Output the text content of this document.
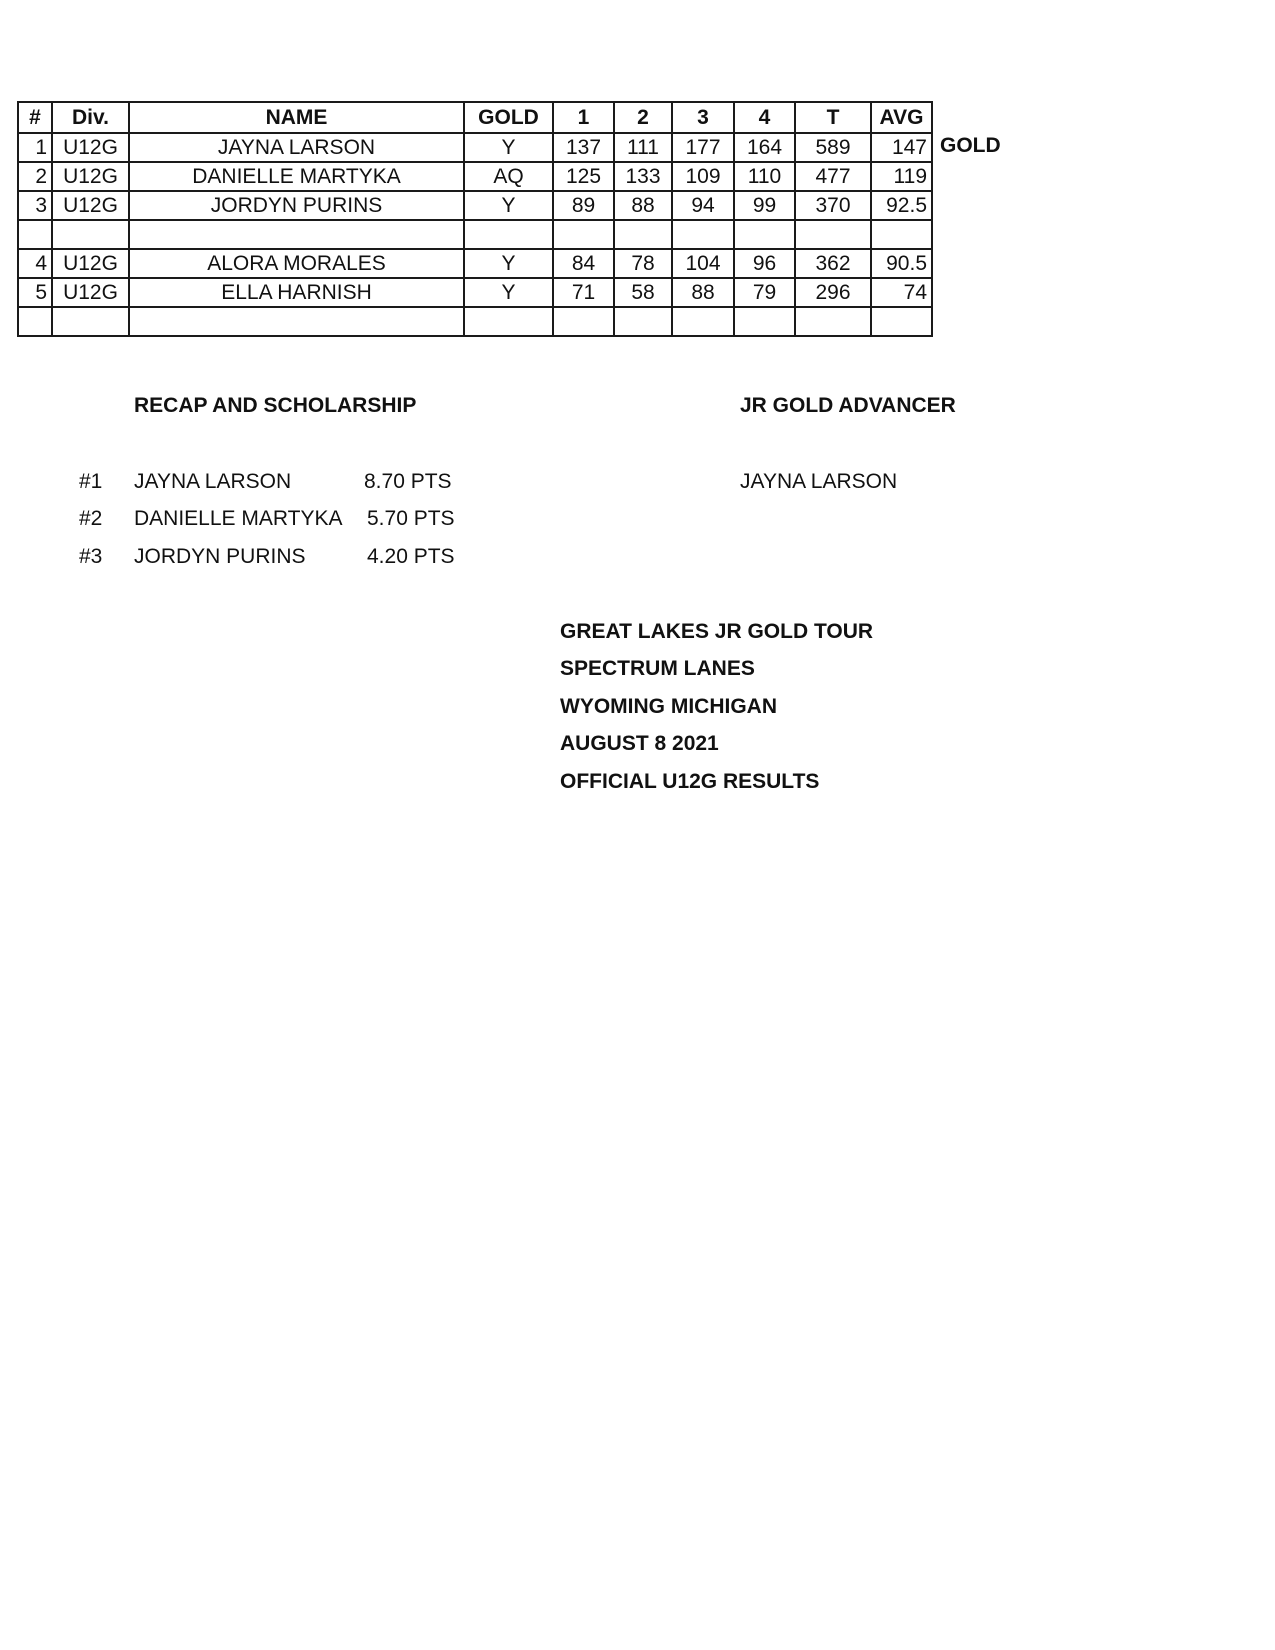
#	Div.	NAME	GOLD	1	2	3	4	T	AVG
1	U12G	JAYNA LARSON	Y	137	111	177	164	589	147
2	U12G	DANIELLE MARTYKA	AQ	125	133	109	110	477	119
3	U12G	JORDYN PURINS	Y	89	88	94	99	370	92.5

4	U12G	ALORA MORALES	Y	84	78	104	96	362	90.5
5	U12G	ELLA HARNISH	Y	71	58	88	79	296	74

GOLD
RECAP AND SCHOLARSHIP	JR GOLD ADVANCER
#1 JAYNA LARSON	8.70 PTS
#2 DANIELLE MARTYKA 5.70 PTS
#3 JORDYN PURINS	4.20 PTS
JAYNA LARSON
GREAT LAKES JR GOLD TOUR
SPECTRUM LANES
WYOMING MICHIGAN
AUGUST 8 2021
OFFICIAL U12G RESULTS
